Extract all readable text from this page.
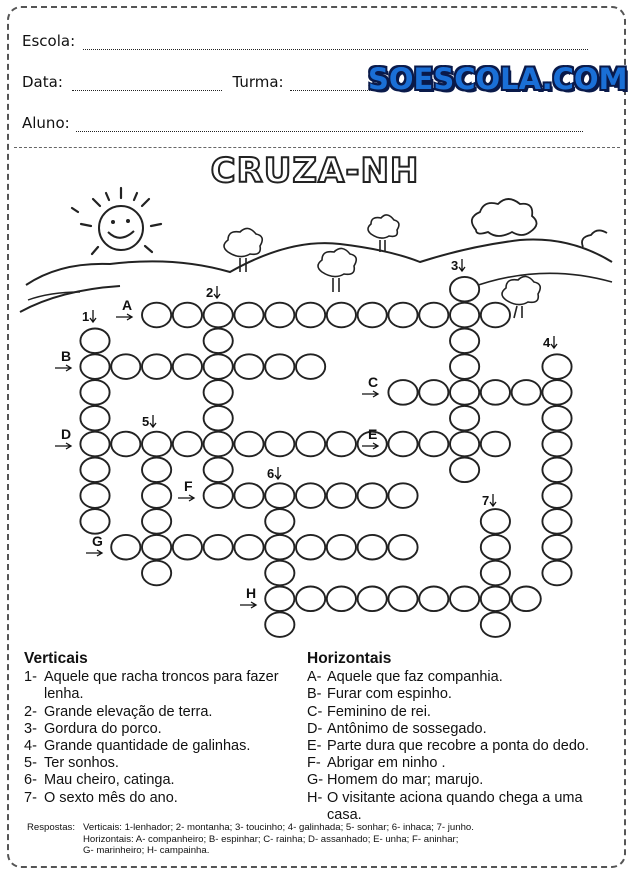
Escola:
Data:	Turma:	SOESCOLA.COM
Aluno:
CRUZA-NH
A
B
C
D	E
F
G
H
1
2
3
4
5
6
7
Verticais
1- Aquele que racha troncos para fazer lenha.
2- Grande elevação de terra.
3- Gordura do porco.
4- Grande quantidade de galinhas.
5- Ter sonhos.
6- Mau cheiro, catinga.
7- O sexto mês do ano.
Horizontais
A- Aquele que faz companhia.
B- Furar com espinho.
C- Feminino de rei.
D- Antônimo de sossegado.
E- Parte dura que recobre a ponta do dedo.
F- Abrigar em ninho .
G- Homem do mar; marujo.
H- O visitante aciona quando chega a uma casa.
Respostas: Verticais: 1-lenhador; 2- montanha; 3- toucinho; 4- galinhada; 5- sonhar; 6- inhaca; 7- junho.
Horizontais: A- companheiro; B- espinhar; C- rainha; D- assanhado; E- unha; F- aninhar;
G- marinheiro; H- campainha.
